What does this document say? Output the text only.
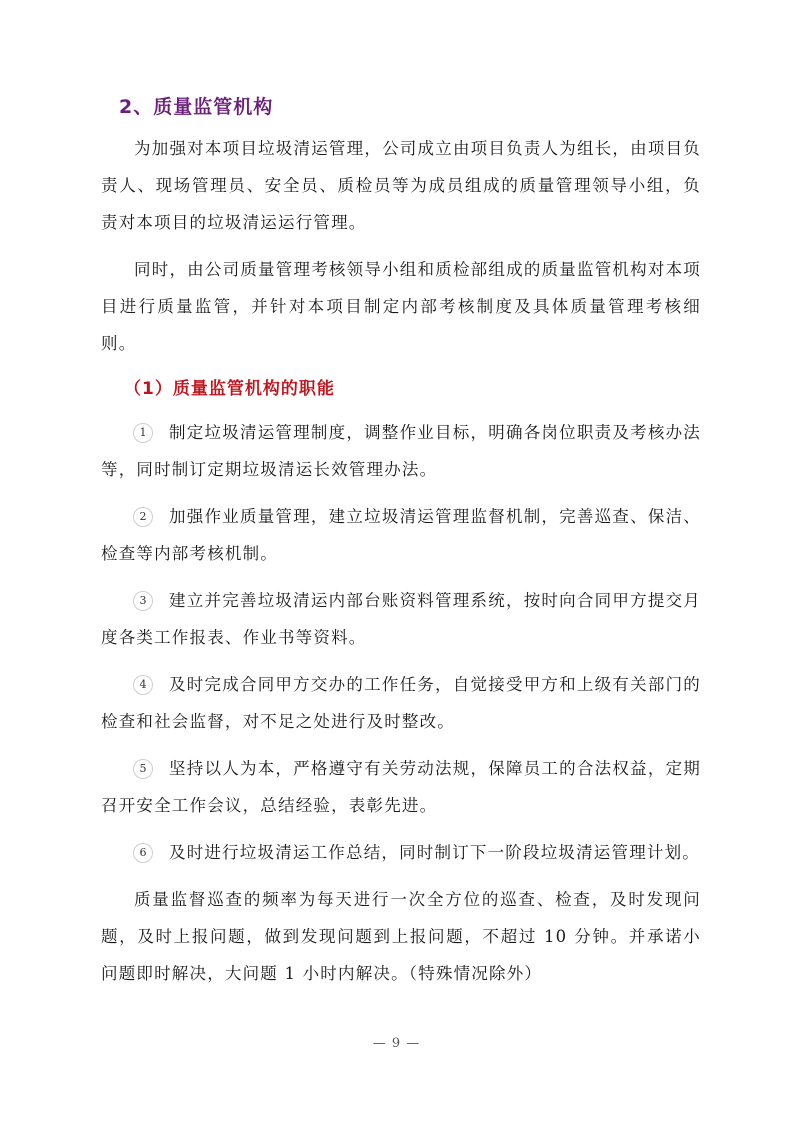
2、质量监管机构

为加强对本项目垃圾清运管理，公司成立由项目负责人为组长，由项目负责人、现场管理员、安全员、质检员等为成员组成的质量管理领导小组，负责对本项目的垃圾清运运行管理。

同时，由公司质量管理考核领导小组和质检部组成的质量监管机构对本项目进行质量监管，并针对本项目制定内部考核制度及具体质量管理考核细则。

（1）质量监管机构的职能

1 制定垃圾清运管理制度，调整作业目标，明确各岗位职责及考核办法等，同时制订定期垃圾清运长效管理办法。

2 加强作业质量管理，建立垃圾清运管理监督机制，完善巡查、保洁、检查等内部考核机制。

3 建立并完善垃圾清运内部台账资料管理系统，按时向合同甲方提交月度各类工作报表、作业书等资料。

4 及时完成合同甲方交办的工作任务，自觉接受甲方和上级有关部门的检查和社会监督，对不足之处进行及时整改。

5 坚持以人为本，严格遵守有关劳动法规，保障员工的合法权益，定期召开安全工作会议，总结经验，表彰先进。

6 及时进行垃圾清运工作总结，同时制订下一阶段垃圾清运管理计划。

质量监督巡查的频率为每天进行一次全方位的巡查、检查，及时发现问题，及时上报问题，做到发现问题到上报问题，不超过 10 分钟。并承诺小问题即时解决，大问题 1 小时内解决。（特殊情况除外）

— 9 —
